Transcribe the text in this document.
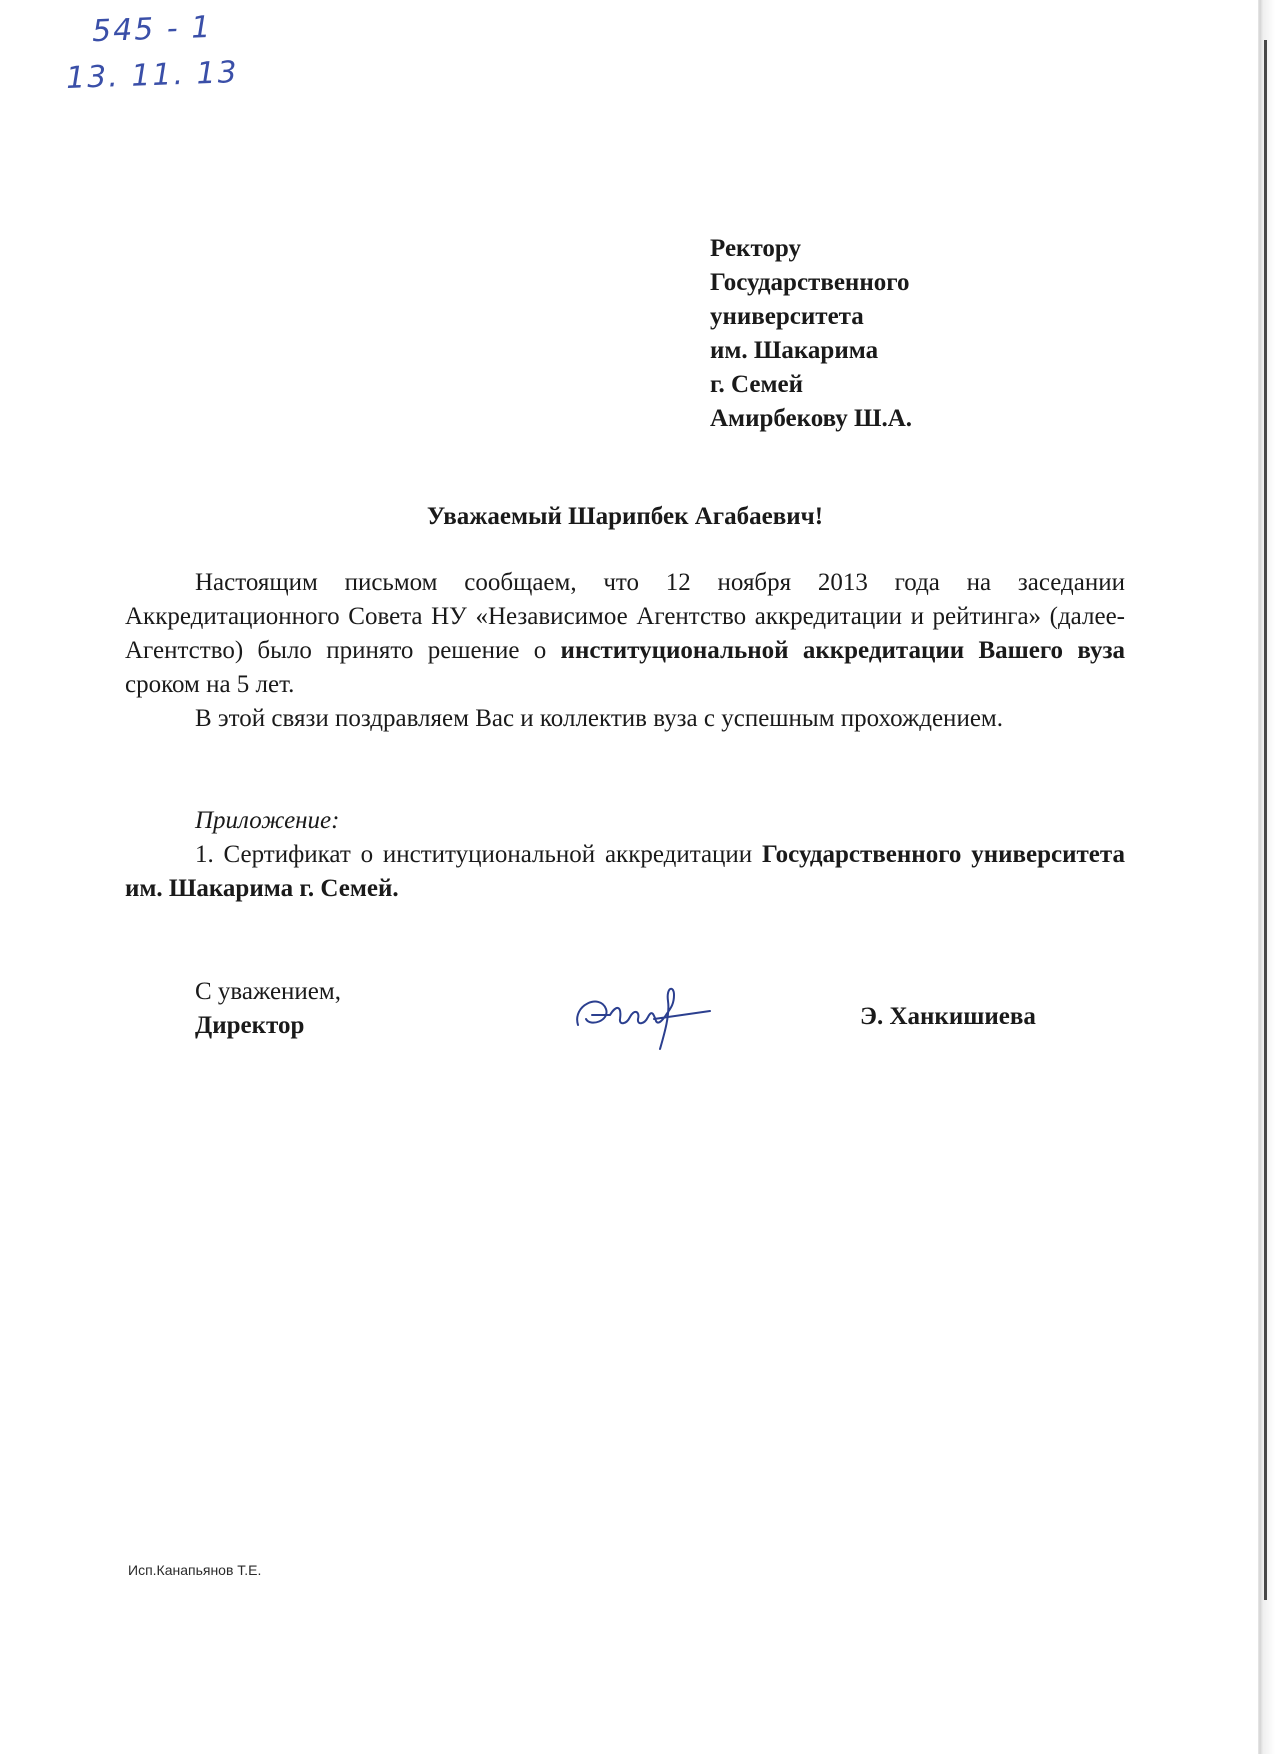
545 - 1
13. 11. 13
Ректору
Государственного
университета
им. Шакарима
г. Семей
Амирбекову Ш.А.
Уважаемый Шарипбек Агабаевич!
Настоящим письмом сообщаем, что 12 ноября 2013 года на заседании Аккредитационного Совета НУ «Независимое Агентство аккредитации и рейтинга» (далее-Агентство) было принято решение о институциональной аккредитации Вашего вуза сроком на 5 лет.
В этой связи поздравляем Вас и коллектив вуза с успешным прохождением.
Приложение:
1. Сертификат о институциональной аккредитации Государственного университета им. Шакарима г. Семей.
С уважением,
Директор	Э. Ханкишиева
Исп.Канапьянов Т.Е.
